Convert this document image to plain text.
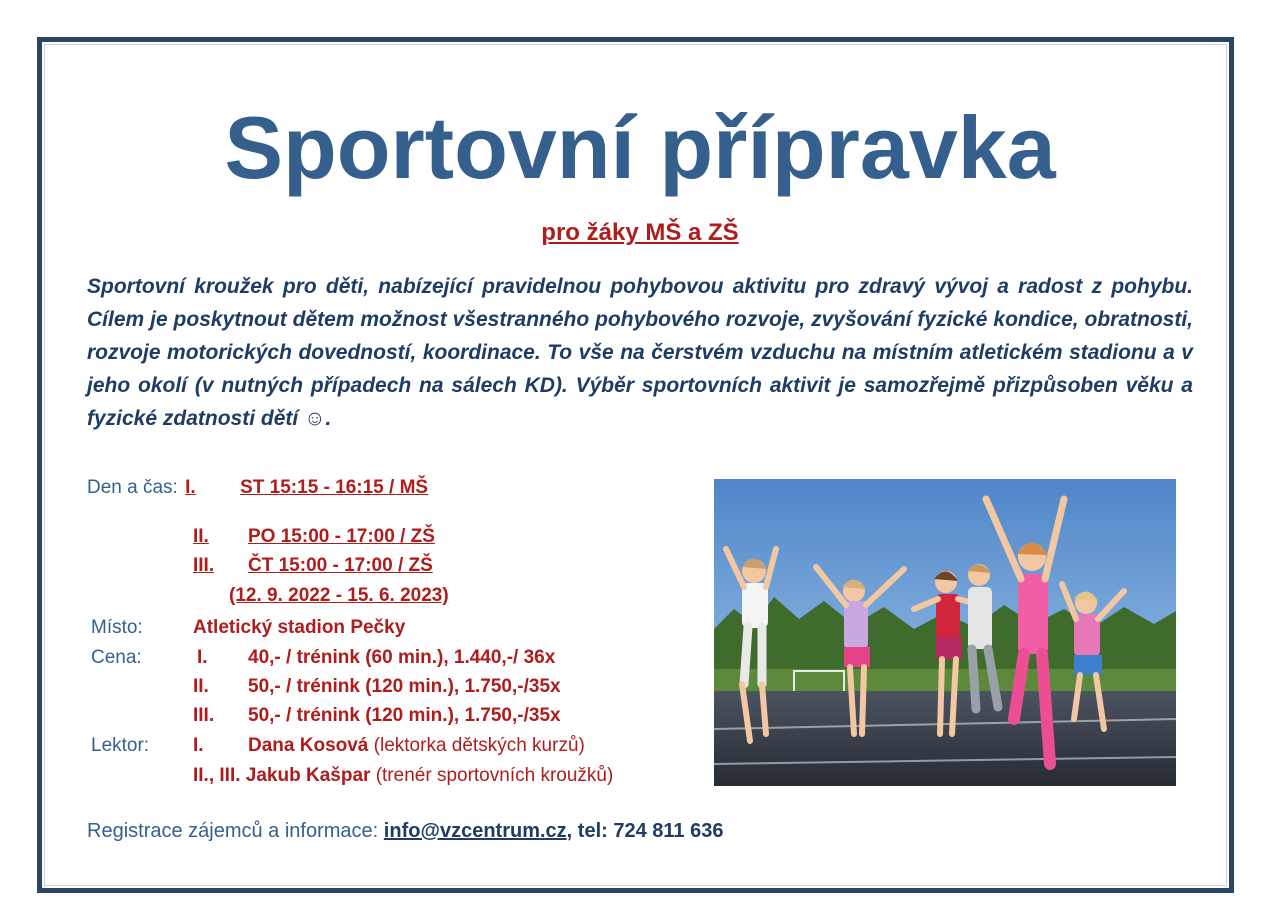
Sportovní přípravka
pro žáky MŠ a ZŠ
Sportovní kroužek pro děti, nabízející pravidelnou pohybovou aktivitu pro zdravý vývoj a radost z pohybu. Cílem je poskytnout dětem možnost všestranného pohybového rozvoje, zvyšování fyzické kondice, obratnosti, rozvoje motorických dovedností, koordinace. To vše na čerstvém vzduchu na místním atletickém stadionu a v jeho okolí (v nutných případech na sálech KD). Výběr sportovních aktivit je samozřejmě přizpůsoben věku a fyzické zdatnosti dětí ☺.
Den a čas: I. ST 15:15 - 16:15 / MŠ
II. PO 15:00 - 17:00 / ZŠ
III. ČT 15:00 - 17:00 / ZŠ
(12. 9. 2022 - 15. 6. 2023)
Místo:	Atletický stadion Pečky
Cena:	I. 40,- / trénink (60 min.), 1.440,-/ 36x
II. 50,- / trénink (120 min.), 1.750,-/35x
III. 50,- / trénink (120 min.), 1.750,-/35x
Lektor: I. Dana Kosová (lektorka dětských kurzů)
II., III. Jakub Kašpar (trenér sportovních kroužků)
Registrace zájemců a informace: info@vzcentrum.cz, tel: 724 811 636
